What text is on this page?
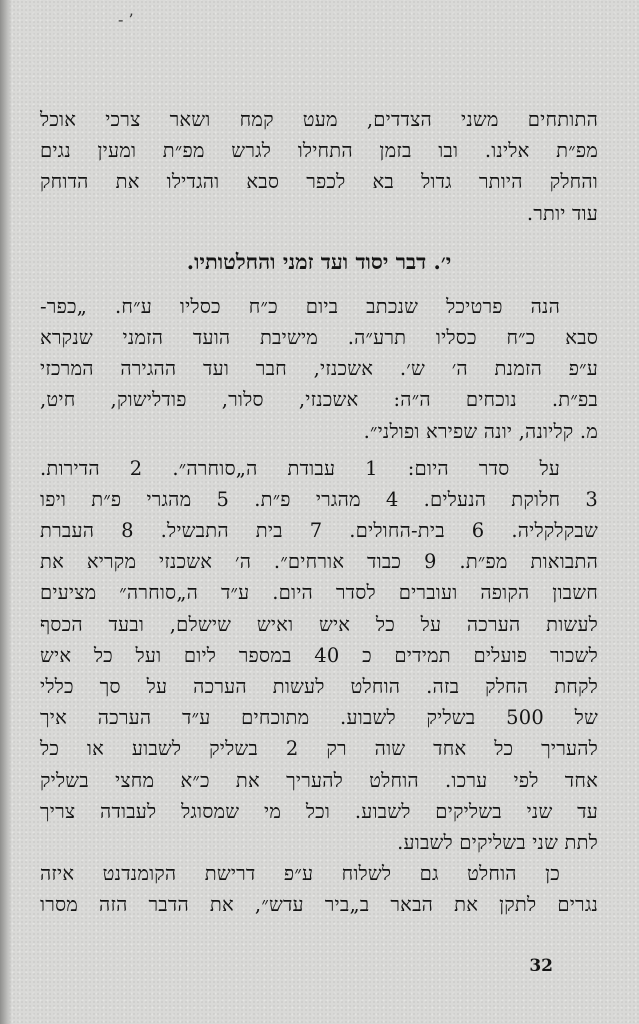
- ’
התותחים משני הצדדים, מעט קמח ושאר צרכי אוכל
מפ״ת אלינו. ובו בזמן התחילו לגרש מפ״ת ומעין נגים
והחלק היותר גדול בא לכפר סבא והגדילו את הדוחק
עוד יותר.
י׳. דבר יסוד ועד זמני והחלטותיו.
הנה פרטיכל שנכתב ביום כ״ח כסליו ע״ח. „כפר-
סבא כ״ח כסליו תרע״ה. מישיבת הועד הזמני שנקרא
ע״פ הזמנת ה׳ ש׳. אשכנזי, חבר ועד ההגירה המרכזי
בפ״ת. נוכחים ה״ה: אשכנזי, סלור, פודלישוק, חיט,
מ. קליונה, יונה שפירא ופולני״.
על סדר היום: 1 עבודת ה„סוחרה״. 2 הדירות.
3 חלוקת הנעלים. 4 מהגרי פ״ת. 5 מהגרי פ״ת ויפו
שבקלקליה. 6 בית-החולים. 7 בית התבשיל. 8 העברת
התבואות מפ״ת. 9 כבוד אורחים״. ה׳ אשכנזי מקריא את
חשבון הקופה ועוברים לסדר היום. ע״ד ה„סוחרה״ מציעים
לעשות הערכה על כל איש ואיש שישלם, ובעד הכסף
לשכור פועלים תמידים כ 40 במספר ליום ועל כל איש
לקחת החלק בזה. הוחלט לעשות הערכה על סך כללי
של 500 בשליק לשבוע. מתוכחים ע״ד הערכה איך
להעריך כל אחד שוה רק 2 בשליק לשבוע או כל
אחד לפי ערכו. הוחלט להעריך את כ״א מחצי בשליק
עד שני בשליקים לשבוע. וכל מי שמסוגל לעבודה צריך
לתת שני בשליקים לשבוע.
כן הוחלט גם לשלוח ע״פ דרישת הקומנדנט איזה
נגרים לתקן את הבאר ב„ביר עדש״, את הדבר הזה מסרו
32
